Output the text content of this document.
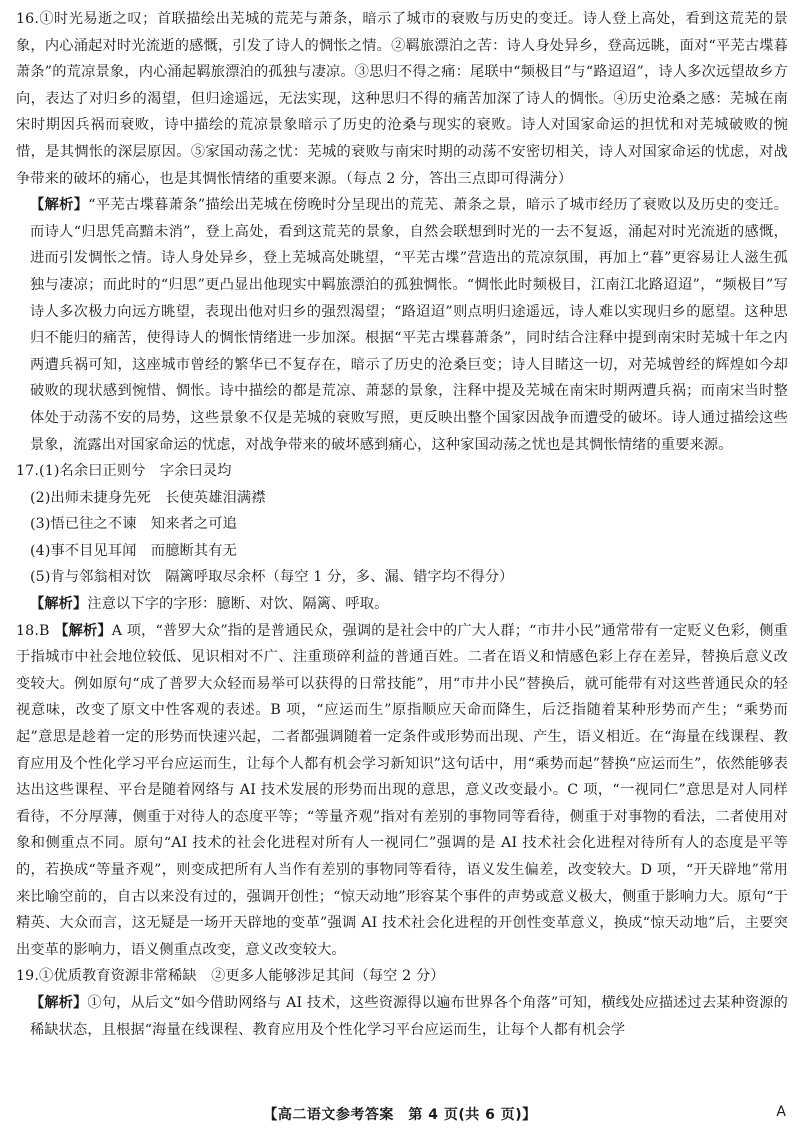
16.①时光易逝之叹；首联描绘出芜城的荒芜与萧条，暗示了城市的衰败与历史的变迁。诗人登上高处，看到这荒芜的景象，内心涌起对时光流逝的感慨，引发了诗人的惆怅之情。②羁旅漂泊之苦：诗人身处异乡，登高远眺，面对“平芜古堞暮萧条”的荒凉景象，内心涌起羁旅漂泊的孤独与凄凉。③思归不得之痛：尾联中“频极目”与“路迢迢”，诗人多次远望故乡方向，表达了对归乡的渴望，但归途遥远，无法实现，这种思归不得的痛苦加深了诗人的惆怅。④历史沧桑之感：芜城在南宋时期因兵祸而衰败，诗中描绘的荒凉景象暗示了历史的沧桑与现实的衰败。诗人对国家命运的担忧和对芜城破败的惋惜，是其惆怅的深层原因。⑤家国动荡之忧：芜城的衰败与南宋时期的动荡不安密切相关，诗人对国家命运的忧虑，对战争带来的破坏的痛心，也是其惆怅情绪的重要来源。（每点 2 分，答出三点即可得满分）

【解析】“平芜古堞暮萧条”描绘出芜城在傍晚时分呈现出的荒芜、萧条之景，暗示了城市经历了衰败以及历史的变迁。而诗人“归思凭高黯未消”，登上高处，看到这荒芜的景象，自然会联想到时光的一去不复返，涌起对时光流逝的感慨，进而引发惆怅之情。诗人身处异乡，登上芜城高处眺望，“平芜古堞”营造出的荒凉氛围，再加上“暮”更容易让人滋生孤独与凄凉；而此时的“归思”更凸显出他现实中羁旅漂泊的孤独惆怅。“惆怅此时频极目，江南江北路迢迢”，“频极目”写诗人多次极力向远方眺望，表现出他对归乡的强烈渴望；“路迢迢”则点明归途遥远，诗人难以实现归乡的愿望。这种思归不能归的痛苦，使得诗人的惆怅情绪进一步加深。根据“平芜古堞暮萧条”，同时结合注释中提到南宋时芜城十年之内两遭兵祸可知，这座城市曾经的繁华已不复存在，暗示了历史的沧桑巨变；诗人目睹这一切，对芜城曾经的辉煌如今却破败的现状感到惋惜、惆怅。诗中描绘的都是荒凉、萧瑟的景象，注释中提及芜城在南宋时期两遭兵祸；而南宋当时整体处于动荡不安的局势，这些景象不仅是芜城的衰败写照，更反映出整个国家因战争而遭受的破坏。诗人通过描绘这些景象，流露出对国家命运的忧虑，对战争带来的破坏感到痛心，这种家国动荡之忧也是其惆怅情绪的重要来源。

17.(1)名余曰正则兮　字余曰灵均

(2)出师未捷身先死　长使英雄泪满襟

(3)悟已往之不谏　知来者之可追

(4)事不目见耳闻　而臆断其有无

(5)肯与邻翁相对饮　隔篱呼取尽余杯（每空 1 分，多、漏、错字均不得分）

【解析】注意以下字的字形：臆断、对饮、隔篱、呼取。

18.B 【解析】A 项，“普罗大众”指的是普通民众，强调的是社会中的广大人群；“市井小民”通常带有一定贬义色彩，侧重于指城市中社会地位较低、见识相对不广、注重琐碎利益的普通百姓。二者在语义和情感色彩上存在差异，替换后意义改变较大。例如原句“成了普罗大众轻而易举可以获得的日常技能”，用“市井小民”替换后，就可能带有对这些普通民众的轻视意味，改变了原文中性客观的表述。B 项，“应运而生”原指顺应天命而降生，后泛指随着某种形势而产生；“乘势而起”意思是趁着一定的形势而快速兴起，二者都强调随着一定条件或形势而出现、产生，语义相近。在“海量在线课程、教育应用及个性化学习平台应运而生，让每个人都有机会学习新知识”这句话中，用“乘势而起”替换“应运而生”，依然能够表达出这些课程、平台是随着网络与 AI 技术发展的形势而出现的意思，意义改变最小。C 项，“一视同仁”意思是对人同样看待，不分厚薄，侧重于对待人的态度平等；“等量齐观”指对有差别的事物同等看待，侧重于对事物的看法，二者使用对象和侧重点不同。原句“AI 技术的社会化进程对所有人一视同仁”强调的是 AI 技术社会化进程对待所有人的态度是平等的，若换成“等量齐观”，则变成把所有人当作有差别的事物同等看待，语义发生偏差，改变较大。D 项，“开天辟地”常用来比喻空前的，自古以来没有过的，强调开创性；“惊天动地”形容某个事件的声势或意义极大，侧重于影响力大。原句“于精英、大众而言，这无疑是一场开天辟地的变革”强调 AI 技术社会化进程的开创性变革意义，换成“惊天动地”后，主要突出变革的影响力，语义侧重点改变，意义改变较大。

19.①优质教育资源非常稀缺　②更多人能够涉足其间（每空 2 分）

【解析】①句，从后文“如今借助网络与 AI 技术，这些资源得以遍布世界各个角落”可知，横线处应描述过去某种资源的稀缺状态，且根据“海量在线课程、教育应用及个性化学习平台应运而生，让每个人都有机会学

【高二语文参考答案　第 4 页(共 6 页)】	A
